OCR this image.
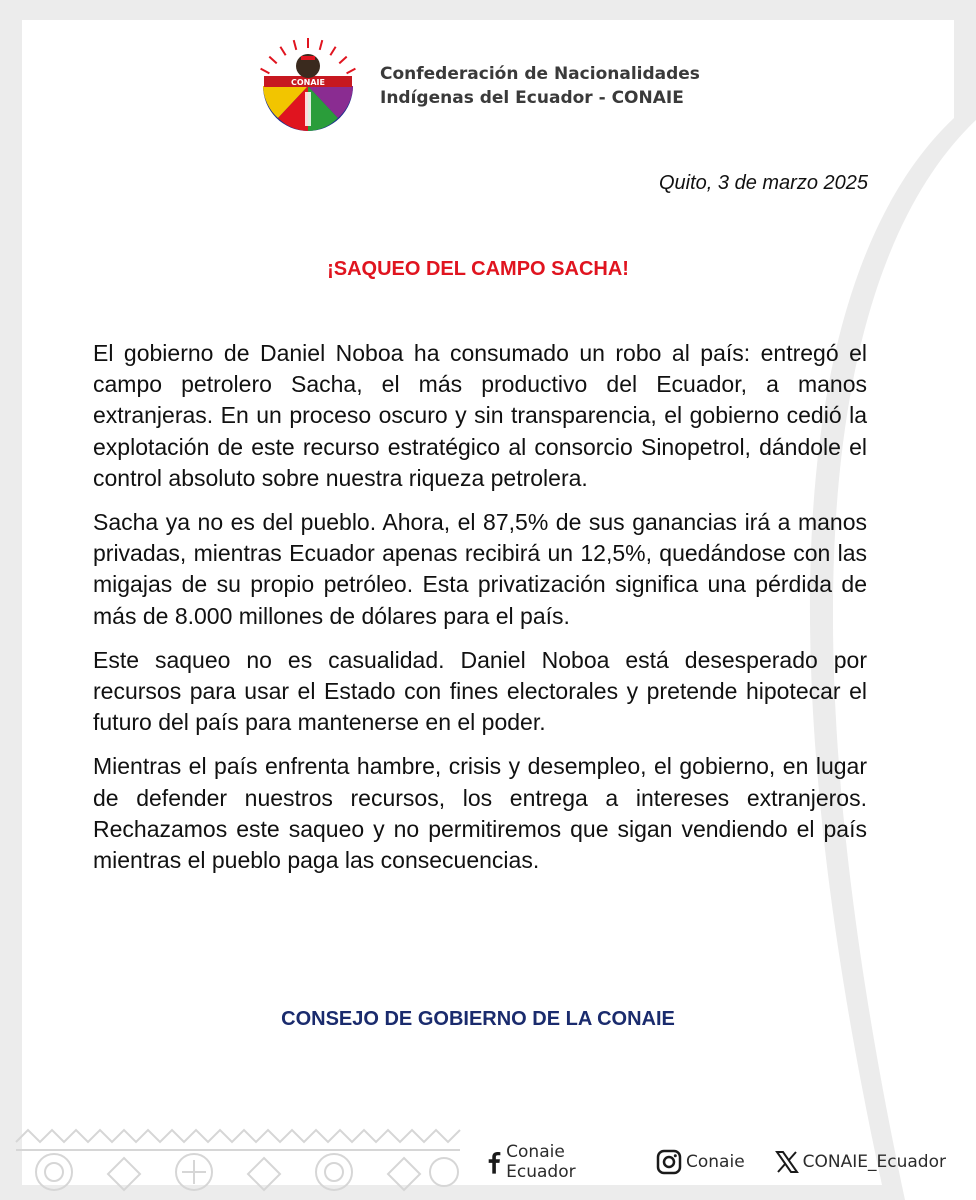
CONAIE	Confederación de Nacionalidades
Indígenas del Ecuador - CONAIE
Quito, 3 de marzo 2025
¡SAQUEO DEL CAMPO SACHA!

El gobierno de Daniel Noboa ha consumado un robo al país: entregó el campo petrolero Sacha, el más productivo del Ecuador, a manos extranjeras. En un proceso oscuro y sin transparencia, el gobierno cedió la explotación de este recurso estratégico al consorcio Sinopetrol, dándole el control absoluto sobre nuestra riqueza petrolera.

Sacha ya no es del pueblo. Ahora, el 87,5% de sus ganancias irá a manos privadas, mientras Ecuador apenas recibirá un 12,5%, quedándose con las migajas de su propio petróleo. Esta privatización significa una pérdida de más de 8.000 millones de dólares para el país.

Este saqueo no es casualidad. Daniel Noboa está desesperado por recursos para usar el Estado con fines electorales y pretende hipotecar el futuro del país para mantenerse en el poder.

Mientras el país enfrenta hambre, crisis y desempleo, el gobierno, en lugar de defender nuestros recursos, los entrega a intereses extranjeros. Rechazamos este saqueo y no permitiremos que sigan vendiendo el país mientras el pueblo paga las consecuencias.

CONSEJO DE GOBIERNO DE LA CONAIE
Conaie Ecuador	Conaie	CONAIE_Ecuador
